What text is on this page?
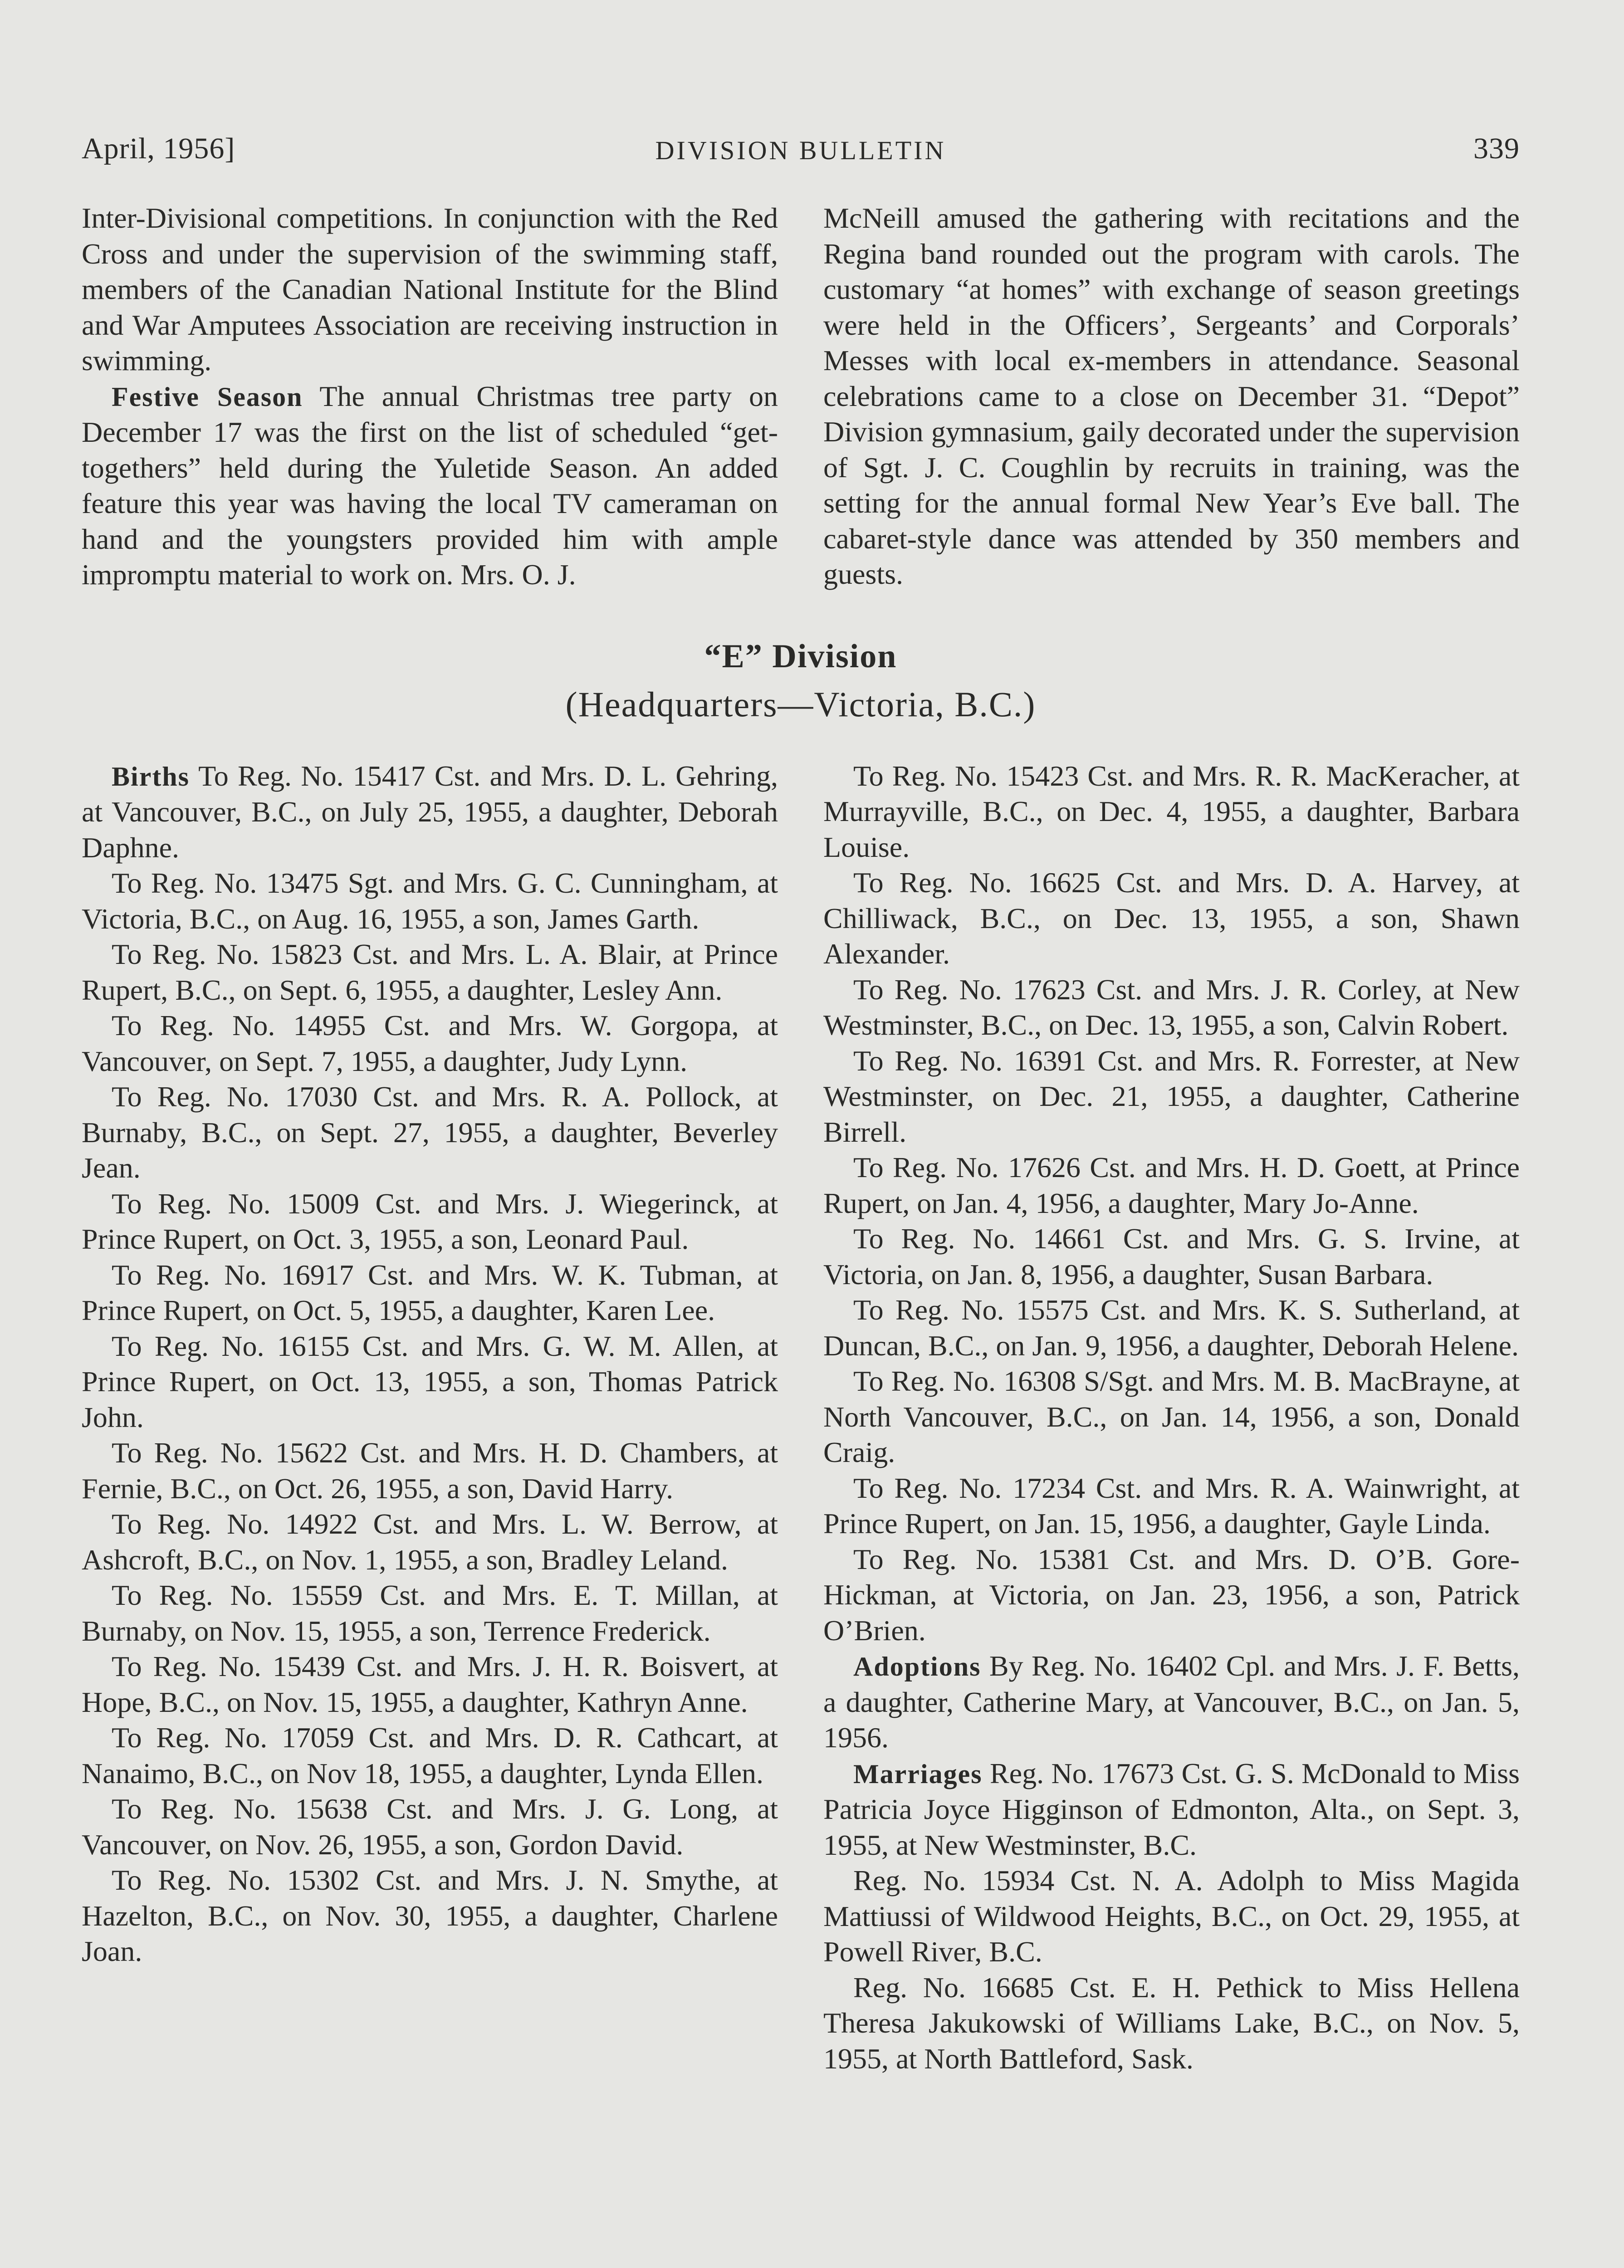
April, 1956]	DIVISION BULLETIN	339

Inter-Divisional competitions. In conjunction with the Red Cross and under the supervision of the swimming staff, members of the Canadian National Institute for the Blind and War Amputees Association are receiving instruction in swimming.

Festive Season The annual Christmas tree party on December 17 was the first on the list of scheduled “get-togethers” held during the Yuletide Season. An added feature this year was having the local TV cameraman on hand and the youngsters provided him with ample impromptu material to work on. Mrs. O. J.

McNeill amused the gathering with recitations and the Regina band rounded out the program with carols. The customary “at homes” with exchange of season greetings were held in the Officers’, Sergeants’ and Corporals’ Messes with local ex-members in attendance. Seasonal celebrations came to a close on December 31. “Depot” Division gymnasium, gaily decorated under the supervision of Sgt. J. C. Coughlin by recruits in training, was the setting for the annual formal New Year’s Eve ball. The cabaret-style dance was attended by 350 members and guests.

“E” Division
(Headquarters—Victoria, B.C.)

Births To Reg. No. 15417 Cst. and Mrs. D. L. Gehring, at Vancouver, B.C., on July 25, 1955, a daughter, Deborah Daphne.

To Reg. No. 13475 Sgt. and Mrs. G. C. Cunningham, at Victoria, B.C., on Aug. 16, 1955, a son, James Garth.

To Reg. No. 15823 Cst. and Mrs. L. A. Blair, at Prince Rupert, B.C., on Sept. 6, 1955, a daughter, Lesley Ann.

To Reg. No. 14955 Cst. and Mrs. W. Gorgopa, at Vancouver, on Sept. 7, 1955, a daughter, Judy Lynn.

To Reg. No. 17030 Cst. and Mrs. R. A. Pollock, at Burnaby, B.C., on Sept. 27, 1955, a daughter, Beverley Jean.

To Reg. No. 15009 Cst. and Mrs. J. Wiegerinck, at Prince Rupert, on Oct. 3, 1955, a son, Leonard Paul.

To Reg. No. 16917 Cst. and Mrs. W. K. Tubman, at Prince Rupert, on Oct. 5, 1955, a daughter, Karen Lee.

To Reg. No. 16155 Cst. and Mrs. G. W. M. Allen, at Prince Rupert, on Oct. 13, 1955, a son, Thomas Patrick John.

To Reg. No. 15622 Cst. and Mrs. H. D. Chambers, at Fernie, B.C., on Oct. 26, 1955, a son, David Harry.

To Reg. No. 14922 Cst. and Mrs. L. W. Berrow, at Ashcroft, B.C., on Nov. 1, 1955, a son, Bradley Leland.

To Reg. No. 15559 Cst. and Mrs. E. T. Millan, at Burnaby, on Nov. 15, 1955, a son, Terrence Frederick.

To Reg. No. 15439 Cst. and Mrs. J. H. R. Boisvert, at Hope, B.C., on Nov. 15, 1955, a daughter, Kathryn Anne.

To Reg. No. 17059 Cst. and Mrs. D. R. Cathcart, at Nanaimo, B.C., on Nov 18, 1955, a daughter, Lynda Ellen.

To Reg. No. 15638 Cst. and Mrs. J. G. Long, at Vancouver, on Nov. 26, 1955, a son, Gordon David.

To Reg. No. 15302 Cst. and Mrs. J. N. Smythe, at Hazelton, B.C., on Nov. 30, 1955, a daughter, Charlene Joan.

To Reg. No. 15423 Cst. and Mrs. R. R. MacKeracher, at Murrayville, B.C., on Dec. 4, 1955, a daughter, Barbara Louise.

To Reg. No. 16625 Cst. and Mrs. D. A. Harvey, at Chilliwack, B.C., on Dec. 13, 1955, a son, Shawn Alexander.

To Reg. No. 17623 Cst. and Mrs. J. R. Corley, at New Westminster, B.C., on Dec. 13, 1955, a son, Calvin Robert.

To Reg. No. 16391 Cst. and Mrs. R. Forrester, at New Westminster, on Dec. 21, 1955, a daughter, Catherine Birrell.

To Reg. No. 17626 Cst. and Mrs. H. D. Goett, at Prince Rupert, on Jan. 4, 1956, a daughter, Mary Jo-Anne.

To Reg. No. 14661 Cst. and Mrs. G. S. Irvine, at Victoria, on Jan. 8, 1956, a daughter, Susan Barbara.

To Reg. No. 15575 Cst. and Mrs. K. S. Sutherland, at Duncan, B.C., on Jan. 9, 1956, a daughter, Deborah Helene.

To Reg. No. 16308 S/Sgt. and Mrs. M. B. MacBrayne, at North Vancouver, B.C., on Jan. 14, 1956, a son, Donald Craig.

To Reg. No. 17234 Cst. and Mrs. R. A. Wainwright, at Prince Rupert, on Jan. 15, 1956, a daughter, Gayle Linda.

To Reg. No. 15381 Cst. and Mrs. D. O’B. Gore-Hickman, at Victoria, on Jan. 23, 1956, a son, Patrick O’Brien.

Adoptions By Reg. No. 16402 Cpl. and Mrs. J. F. Betts, a daughter, Catherine Mary, at Vancouver, B.C., on Jan. 5, 1956.

Marriages Reg. No. 17673 Cst. G. S. McDonald to Miss Patricia Joyce Higginson of Edmonton, Alta., on Sept. 3, 1955, at New Westminster, B.C.

Reg. No. 15934 Cst. N. A. Adolph to Miss Magida Mattiussi of Wildwood Heights, B.C., on Oct. 29, 1955, at Powell River, B.C.

Reg. No. 16685 Cst. E. H. Pethick to Miss Hellena Theresa Jakukowski of Williams Lake, B.C., on Nov. 5, 1955, at North Battleford, Sask.
